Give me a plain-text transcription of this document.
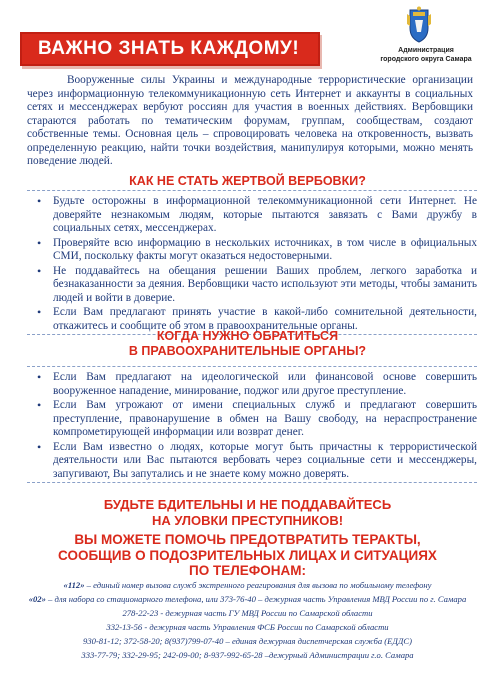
ВАЖНО ЗНАТЬ КАЖДОМУ!	Администрация
городского округа Самара

Вооруженные силы Украины и международные террористические организации через информационную телекоммуникационную сеть Интернет и аккаунты в социальных сетях и мессенджерах вербуют россиян для участия в военных действиях. Вербовщики стараются работать по тематическим форумам, группам, сообществам, создают собственные темы. Основная цель – спровоцировать человека на откровенность, вызвать определенную реакцию, найти точки воздействия, манипулируя которыми, можно менять поведение людей.

КАК НЕ СТАТЬ ЖЕРТВОЙ ВЕРБОВКИ?
• Будьте осторожны в информационной телекоммуникационной сети Интернет. Не доверяйте незнакомым людям, которые пытаются завязать с Вами дружбу в социальных сетях, мессенджерах.
• Проверяйте всю информацию в нескольких источниках, в том числе в официальных СМИ, поскольку факты могут оказаться недостоверными.
• Не поддавайтесь на обещания решении Ваших проблем, легкого заработка и безнаказанности за деяния. Вербовщики часто используют эти методы, чтобы заманить людей и войти в доверие.
• Если Вам предлагают принять участие в какой-либо сомнительной деятельности, откажитесь и сообщите об этом в правоохранительные органы.
КОГДА НУЖНО ОБРАТИТЬСЯ
В ПРАВООХРАНИТЕЛЬНЫЕ ОРГАНЫ?
• Если Вам предлагают на идеологической или финансовой основе совершить вооруженное нападение, минирование, поджог или другое преступление.
• Если Вам угрожают от имени специальных служб и предлагают совершить преступление, правонарушение в обмен на Вашу свободу, на нераспространение компрометирующей информации или возврат денег.
• Если Вам известно о людях, которые могут быть причастны к террористической деятельности или Вас пытаются вербовать через социальные сети и мессенджеры, запугивают, Вы запутались и не знаете кому можно доверять.
БУДЬТЕ БДИТЕЛЬНЫ И НЕ ПОДДАВАЙТЕСЬ
НА УЛОВКИ ПРЕСТУПНИКОВ!
ВЫ МОЖЕТЕ ПОМОЧЬ ПРЕДОТВРАТИТЬ ТЕРАКТЫ,
СООБЩИВ О ПОДОЗРИТЕЛЬНЫХ ЛИЦАХ И СИТУАЦИЯХ
ПО ТЕЛЕФОНАМ:
«112» – единый номер вызова служб экстренного реагирования для вызова по мобильному телефону
«02» – для набора со стационарного телефона, или 373-76-40 – дежурная часть Управления МВД России по г. Самара
278-22-23 - дежурная часть ГУ МВД России по Самарской области
332-13-56 - дежурная часть Управления ФСБ России по Самарской области
930-81-12; 372-58-20; 8(937)799-07-40 – единая дежурная диспетчерская служба (ЕДДС)
333-77-79; 332-29-95; 242-09-00; 8-937-992-65-28 –дежурный Администрации г.о. Самара
